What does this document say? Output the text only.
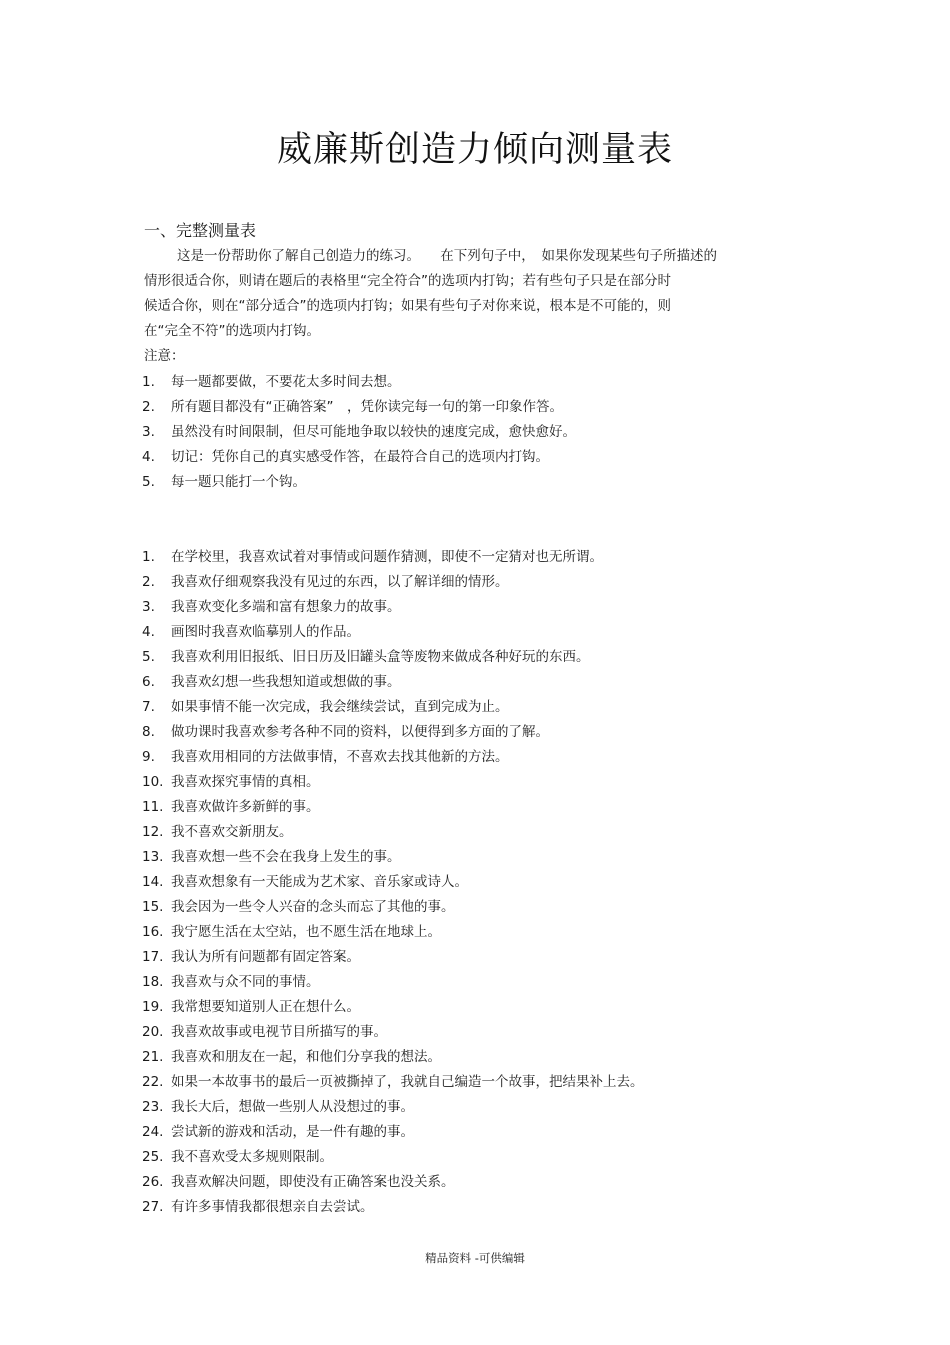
威廉斯创造力倾向测量表
一、完整测量表
这是一份帮助你了解自己创造力的练习。　　在下列句子中，　如果你发现某些句子所描述的
情形很适合你，则请在题后的表格里“完全符合”的选项内打钩；若有些句子只是在部分时
候适合你，则在“部分适合”的选项内打钩；如果有些句子对你来说，根本是不可能的，则
在“完全不符”的选项内打钩。
注意：
1. 每一题都要做，不要花太多时间去想。
2. 所有题目都没有“正确答案”　，凭你读完每一句的第一印象作答。
3. 虽然没有时间限制，但尽可能地争取以较快的速度完成，愈快愈好。
4. 切记：凭你自己的真实感受作答，在最符合自己的选项内打钩。
5. 每一题只能打一个钩。
1. 在学校里，我喜欢试着对事情或问题作猜测，即使不一定猜对也无所谓。
2. 我喜欢仔细观察我没有见过的东西，以了解详细的情形。
3. 我喜欢变化多端和富有想象力的故事。
4. 画图时我喜欢临摹别人的作品。
5. 我喜欢利用旧报纸、旧日历及旧罐头盒等废物来做成各种好玩的东西。
6. 我喜欢幻想一些我想知道或想做的事。
7. 如果事情不能一次完成，我会继续尝试，直到完成为止。
8. 做功课时我喜欢参考各种不同的资料，以便得到多方面的了解。
9. 我喜欢用相同的方法做事情，不喜欢去找其他新的方法。
10. 我喜欢探究事情的真相。
11. 我喜欢做许多新鲜的事。
12. 我不喜欢交新朋友。
13. 我喜欢想一些不会在我身上发生的事。
14. 我喜欢想象有一天能成为艺术家、音乐家或诗人。
15. 我会因为一些令人兴奋的念头而忘了其他的事。
16. 我宁愿生活在太空站，也不愿生活在地球上。
17. 我认为所有问题都有固定答案。
18. 我喜欢与众不同的事情。
19. 我常想要知道别人正在想什么。
20. 我喜欢故事或电视节目所描写的事。
21. 我喜欢和朋友在一起，和他们分享我的想法。
22. 如果一本故事书的最后一页被撕掉了，我就自己编造一个故事，把结果补上去。
23. 我长大后，想做一些别人从没想过的事。
24. 尝试新的游戏和活动，是一件有趣的事。
25. 我不喜欢受太多规则限制。
26. 我喜欢解决问题，即使没有正确答案也没关系。
27. 有许多事情我都很想亲自去尝试。
精品资料 -可供编辑
